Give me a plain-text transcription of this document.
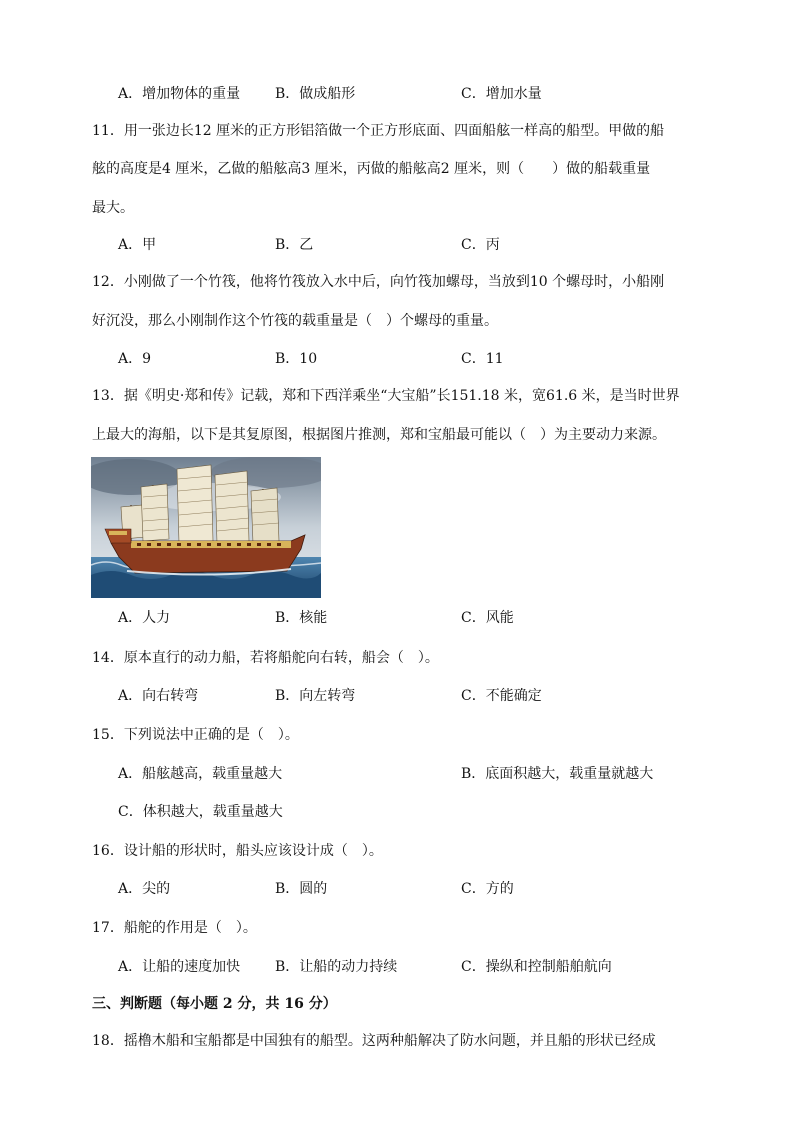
A．增加物体的重量 B．做成船形	C．增加水量
11．用一张边长12 厘米的正方形铝箔做一个正方形底面、四面船舷一样高的船型。甲做的船
舷的高度是4 厘米，乙做的船舷高3 厘米，丙做的船舷高2 厘米，则（　　）做的船载重量
最大。
A．甲	B．乙	C．丙
12．小刚做了一个竹筏，他将竹筏放入水中后，向竹筏加螺母，当放到10 个螺母时，小船刚
好沉没，那么小刚制作这个竹筏的载重量是（　）个螺母的重量。
A．9	B．10	C．11
13．据《明史·郑和传》记载，郑和下西洋乘坐“大宝船”长151.18 米，宽61.6 米，是当时世界
上最大的海船，以下是其复原图，根据图片推测，郑和宝船最可能以（　）为主要动力来源。
A．人力	B．核能	C．风能
14．原本直行的动力船，若将船舵向右转，船会（　）。
A．向右转弯	B．向左转弯	C．不能确定
15．下列说法中正确的是（　）。
A．船舷越高，载重量越大	B．底面积越大，载重量就越大
C．体积越大，载重量越大
16．设计船的形状时，船头应该设计成（　）。
A．尖的	B．圆的	C．方的
17．船舵的作用是（　）。
A．让船的速度加快 B．让船的动力持续	C．操纵和控制船舶航向
三、判断题（每小题 2 分，共 16 分）
18．摇橹木船和宝船都是中国独有的船型。这两种船解决了防水问题，并且船的形状已经成
